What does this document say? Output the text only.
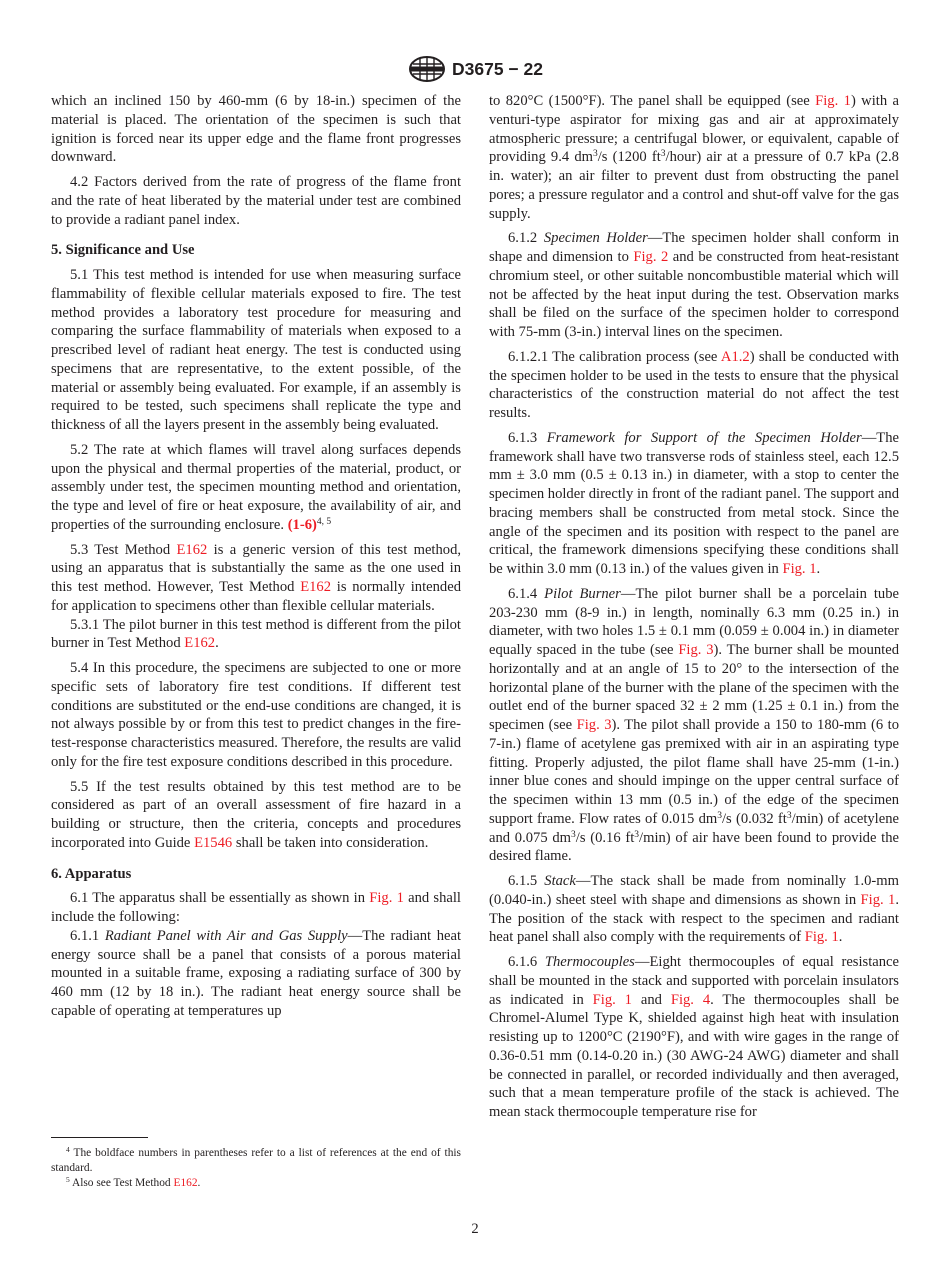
D3675 − 22

which an inclined 150 by 460-mm (6 by 18-in.) specimen of the material is placed. The orientation of the specimen is such that ignition is forced near its upper edge and the flame front progresses downward.

4.2 Factors derived from the rate of progress of the flame front and the rate of heat liberated by the material under test are combined to provide a radiant panel index.

5. Significance and Use

5.1 This test method is intended for use when measuring surface flammability of flexible cellular materials exposed to fire. The test method provides a laboratory test procedure for measuring and comparing the surface flammability of materials when exposed to a prescribed level of radiant heat energy. The test is conducted using specimens that are representative, to the extent possible, of the material or assembly being evaluated. For example, if an assembly is required to be tested, such specimens shall replicate the type and thickness of all the layers present in the assembly being evaluated.

5.2 The rate at which flames will travel along surfaces depends upon the physical and thermal properties of the material, product, or assembly under test, the specimen mounting method and orientation, the type and level of fire or heat exposure, the availability of air, and properties of the surrounding enclosure. $(1-6)^{4, 5}$

5.3 Test Method E162 is a generic version of this test method, using an apparatus that is substantially the same as the one used in this test method. However, Test Method E162 is normally intended for application to specimens other than flexible cellular materials.

5.3.1 The pilot burner in this test method is different from the pilot burner in Test Method E162.

5.4 In this procedure, the specimens are subjected to one or more specific sets of laboratory fire test conditions. If different test conditions are substituted or the end-use conditions are changed, it is not always possible by or from this test to predict changes in the fire-test-response characteristics measured. Therefore, the results are valid only for the fire test exposure conditions described in this procedure.

5.5 If the test results obtained by this test method are to be considered as part of an overall assessment of fire hazard in a building or structure, then the criteria, concepts and procedures incorporated into Guide E1546 shall be taken into consideration.

6. Apparatus

6.1 The apparatus shall be essentially as shown in Fig. 1 and shall include the following:

6.1.1 Radiant Panel with Air and Gas Supply—The radiant heat energy source shall be a panel that consists of a porous material mounted in a suitable frame, exposing a radiating surface of 300 by 460 mm (12 by 18 in.). The radiant heat energy source shall be capable of operating at temperatures up

to 820°C (1500°F). The panel shall be equipped (see Fig. 1) with a venturi-type aspirator for mixing gas and air at approximately atmospheric pressure; a centrifugal blower, or equivalent, capable of providing 9.4 $dm^3/s$ (1200 $ft^3/hour$) air at a pressure of 0.7 kPa (2.8 in. water); an air filter to prevent dust from obstructing the panel pores; a pressure regulator and a control and shut-off valve for the gas supply.

6.1.2 Specimen Holder—The specimen holder shall conform in shape and dimension to Fig. 2 and be constructed from heat-resistant chromium steel, or other suitable noncombustible material which will not be affected by the heat input during the test. Observation marks shall be filed on the surface of the specimen holder to correspond with 75-mm (3-in.) interval lines on the specimen.

6.1.2.1 The calibration process (see A1.2) shall be conducted with the specimen holder to be used in the tests to ensure that the physical characteristics of the construction material do not affect the test results.

6.1.3 Framework for Support of the Specimen Holder—The framework shall have two transverse rods of stainless steel, each 12.5 mm ± 3.0 mm (0.5 ± 0.13 in.) in diameter, with a stop to center the specimen holder directly in front of the radiant panel. The support and bracing members shall be constructed from metal stock. Since the angle of the specimen and its position with respect to the panel are critical, the framework dimensions specifying these conditions shall be within 3.0 mm (0.13 in.) of the values given in Fig. 1.

6.1.4 Pilot Burner—The pilot burner shall be a porcelain tube 203-230 mm (8-9 in.) in length, nominally 6.3 mm (0.25 in.) in diameter, with two holes 1.5 ± 0.1 mm (0.059 ± 0.004 in.) in diameter equally spaced in the tube (see Fig. 3). The burner shall be mounted horizontally and at an angle of 15 to 20° to the intersection of the horizontal plane of the burner with the plane of the specimen with the outlet end of the burner spaced 32 ± 2 mm (1.25 ± 0.1 in.) from the specimen (see Fig. 3). The pilot shall provide a 150 to 180-mm (6 to 7-in.) flame of acetylene gas premixed with air in an aspirating type fitting. Properly adjusted, the pilot flame shall have 25-mm (1-in.) inner blue cones and should impinge on the upper central surface of the specimen within 13 mm (0.5 in.) of the edge of the specimen support frame. Flow rates of 0.015 $dm^3/s$ (0.032 $ft^3/\min$) of acetylene and 0.075 $dm^3/s$ (0.16 $ft^3/\min$) of air have been found to provide the desired flame.

6.1.5 Stack—The stack shall be made from nominally 1.0-mm (0.040-in.) sheet steel with shape and dimensions as shown in Fig. 1. The position of the stack with respect to the specimen and radiant heat panel shall also comply with the requirements of Fig. 1.

6.1.6 Thermocouples—Eight thermocouples of equal resistance shall be mounted in the stack and supported with porcelain insulators as indicated in Fig. 1 and Fig. 4. The thermocouples shall be Chromel-Alumel Type K, shielded against high heat with insulation resisting up to 1200°C (2190°F), and with wire gages in the range of 0.36-0.51 mm (0.14-0.20 in.) (30 AWG-24 AWG) diameter and shall be connected in parallel, or recorded individually and then averaged, such that a mean temperature profile of the stack is achieved. The mean stack thermocouple temperature rise for

$^4$ The boldface numbers in parentheses refer to a list of references at the end of this standard.

$^5$ Also see Test Method E162.

2
